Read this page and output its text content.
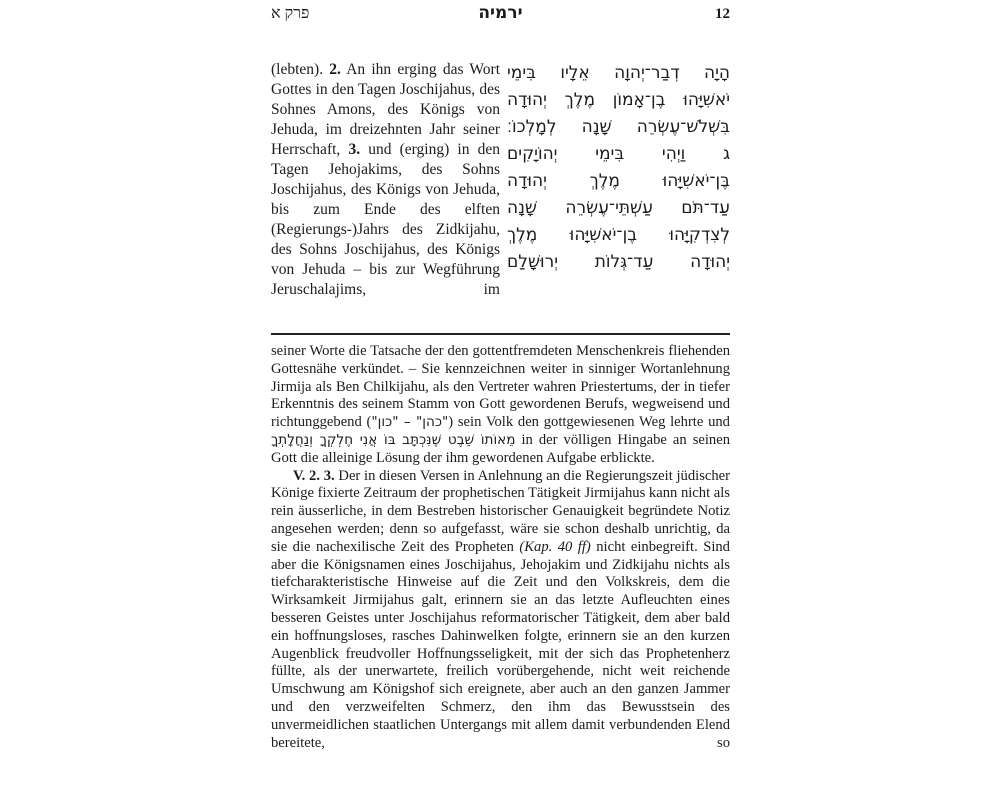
פרק א	ירמיה	12
(lebten). 2. An ihn erging das Wort Gottes in den Tagen Joschijahus, des Sohnes Amons, des Königs von Jehuda, im dreizehnten Jahr seiner Herrschaft, 3. und (erging) in den Tagen Jehojakims, des Sohns Joschijahus, des Königs von Jehuda, bis zum Ende des elften (Regierungs-)Jahrs des Zidkijahu, des Sohns Joschijahus, des Königs von Jehuda – bis zur Wegführung Jeruschalajims, im
הָיָה דְבַר־יְהוָה אֵלָיו בִּימֵי
יֹאשִׁיָּהוּ בֶן־אָמוֹן מֶלֶךְ יְהוּדָה
בִּשְׁלֹשׁ־עֶשְׂרֵה שָׁנָה לְמָלְכוֹ׃
ג וַיְהִי בִּימֵי יְהוֹיָקִים
בֶּן־יֹאשִׁיָּהוּ מֶלֶךְ יְהוּדָה
עַד־תֹּם עַשְׁתֵּי־עֶשְׂרֵה שָׁנָה
לְצִדְקִיָּהוּ בֶן־יֹאשִׁיָּהוּ מֶלֶךְ
יְהוּדָה עַד־גְּלוֹת יְרוּשָׁלִַם

seiner Worte die Tatsache der den gottentfremdeten Menschenkreis fliehenden Gottesnähe verkündet. – Sie kennzeichnen weiter in sinniger Wortanlehnung Jirmija als Ben Chilkijahu, als den Vertreter wahren Priestertums, der in tiefer Erkenntnis des seinem Stamm von Gott gewordenen Berufs, wegweisend und richtunggebend ("כהן" – "כון") sein Volk den gottgewiesenen Weg lehrte und מֵאוֹתוֹ שֵׁבֶט שֶׁנִּכְתָּב בּוֹ אֲנִי חֶלְקְךָ וְנַחֲלָתְךָ in der völligen Hingabe an seinen Gott die alleinige Lösung der ihm gewordenen Aufgabe erblickte.

V. 2. 3. Der in diesen Versen in Anlehnung an die Regierungszeit jüdischer Könige fixierte Zeitraum der prophetischen Tätigkeit Jirmijahus kann nicht als rein äusserliche, in dem Bestreben historischer Genauigkeit begründete Notiz angesehen werden; denn so aufgefasst, wäre sie schon deshalb unrichtig, da sie die nachexilische Zeit des Propheten (Kap. 40 ff) nicht einbegreift. Sind aber die Königsnamen eines Joschijahus, Jehojakim und Zidkijahu nichts als tiefcharakteristische Hinweise auf die Zeit und den Volkskreis, dem die Wirksamkeit Jirmijahus galt, erinnern sie an das letzte Aufleuchten eines besseren Geistes unter Joschijahus reformatorischer Tätigkeit, dem aber bald ein hoffnungsloses, rasches Dahinwelken folgte, erinnern sie an den kurzen Augenblick freudvoller Hoffnungsseligkeit, mit der sich das Prophetenherz füllte, als der unerwartete, freilich vorübergehende, nicht weit reichende Umschwung am Königshof sich ereignete, aber auch an den ganzen Jammer und den verzweifelten Schmerz, den ihm das Bewusstsein des unvermeidlichen staatlichen Untergangs mit allem damit verbundenden Elend bereitete, so
